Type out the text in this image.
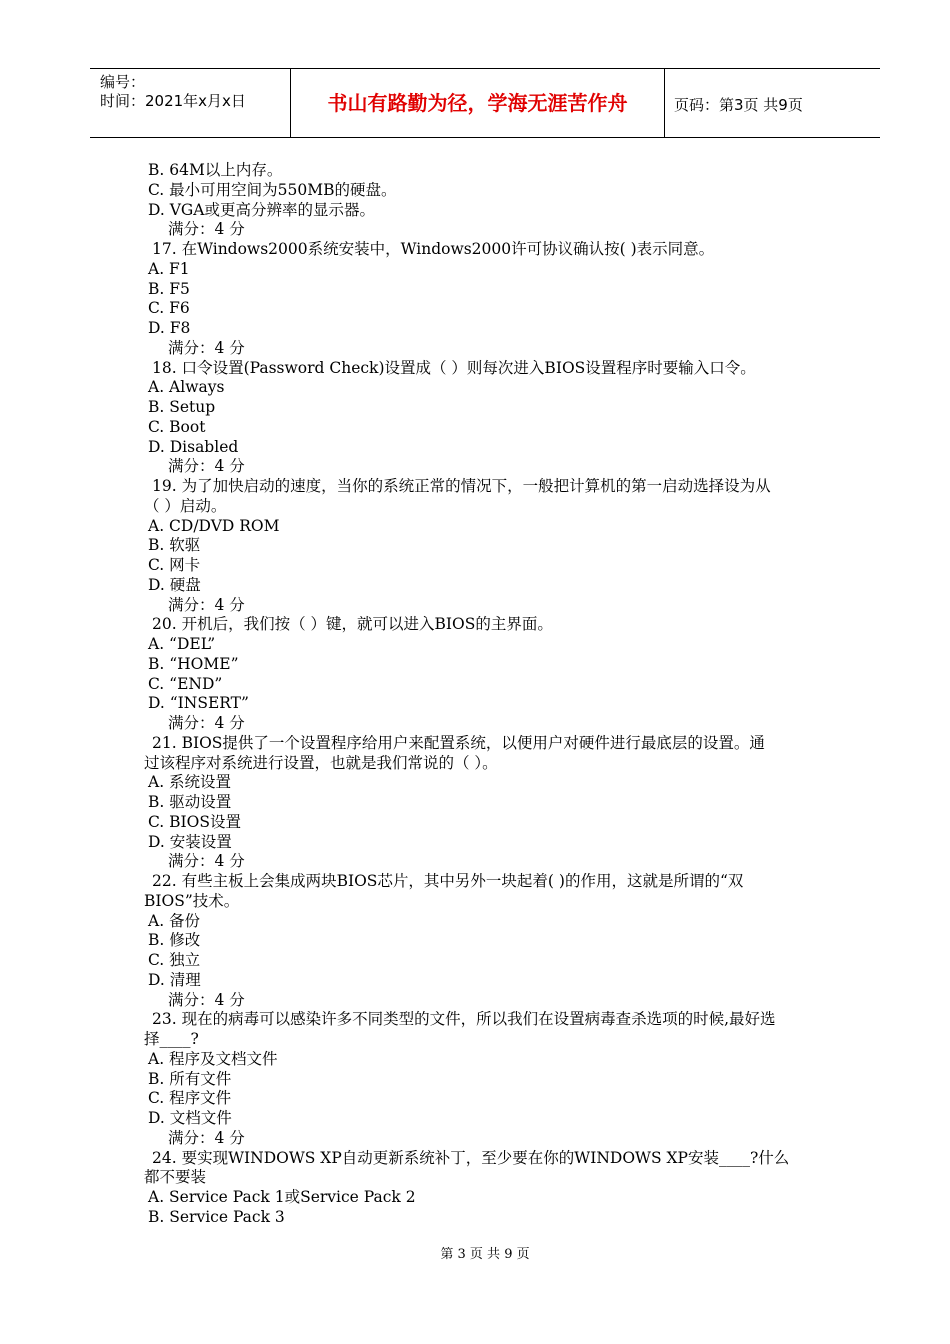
编号：
时间：2021年x月x日	书山有路勤为径，学海无涯苦作舟	页码：第3页 共9页
B. 64M以上内存。
C. 最小可用空间为550MB的硬盘。
D. VGA或更高分辨率的显示器。
满分：4 分
17. 在Windows2000系统安装中，Windows2000许可协议确认按( )表示同意。
A. F1
B. F5
C. F6
D. F8
满分：4 分
18. 口令设置(Password Check)设置成（ ）则每次进入BIOS设置程序时要输入口令。
A. Always
B. Setup
C. Boot
D. Disabled
满分：4 分
19. 为了加快启动的速度，当你的系统正常的情况下，一般把计算机的第一启动选择设为从
（ ）启动。
A. CD/DVD ROM
B. 软驱
C. 网卡
D. 硬盘
满分：4 分
20. 开机后，我们按（ ）键，就可以进入BIOS的主界面。
A. “DEL”
B. “HOME”
C. “END”
D. “INSERT”
满分：4 分
21. BIOS提供了一个设置程序给用户来配置系统，以便用户对硬件进行最底层的设置。通
过该程序对系统进行设置，也就是我们常说的（ ）。
A. 系统设置
B. 驱动设置
C. BIOS设置
D. 安装设置
满分：4 分
22. 有些主板上会集成两块BIOS芯片，其中另外一块起着( )的作用，这就是所谓的“双
BIOS”技术。
A. 备份
B. 修改
C. 独立
D. 清理
满分：4 分
23. 现在的病毒可以感染许多不同类型的文件，所以我们在设置病毒查杀选项的时候,最好选
择____?
A. 程序及文档文件
B. 所有文件
C. 程序文件
D. 文档文件
满分：4 分
24. 要实现WINDOWS XP自动更新系统补丁，至少要在你的WINDOWS XP安装____?什么
都不要装
A. Service Pack 1或Service Pack 2
B. Service Pack 3
第 3 页 共 9 页
